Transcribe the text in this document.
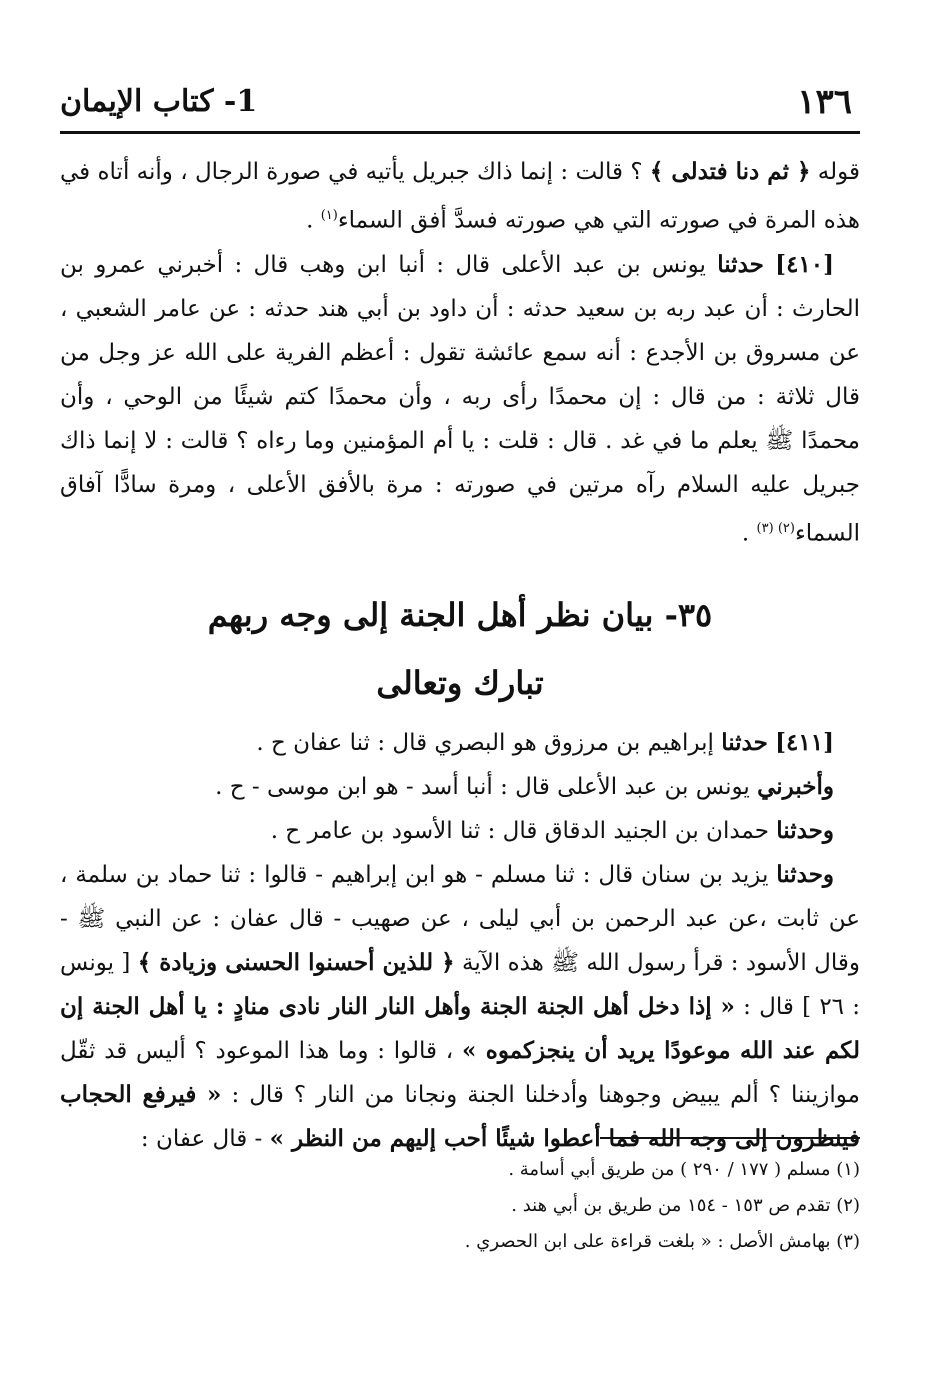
١٣٦
1- كتاب الإيمان

قوله ﴿ ثم دنا فتدلى ﴾ ؟ قالت : إنما ذاك جبريل يأتيه في صورة الرجال ، وأنه أتاه في هذه المرة في صورته التي هي صورته فسدَّ أفق السماء$^{(١)}$ .

[٤١٠] حدثنا يونس بن عبد الأعلى قال : أنبا ابن وهب قال : أخبرني عمرو بن الحارث : أن عبد ربه بن سعيد حدثه : أن داود بن أبي هند حدثه : عن عامر الشعبي ، عن مسروق بن الأجدع : أنه سمع عائشة تقول : أعظم الفرية على الله عز وجل من قال ثلاثة : من قال : إن محمدًا رأى ربه ، وأن محمدًا كتم شيئًا من الوحي ، وأن محمدًا ﷺ يعلم ما في غد . قال : قلت : يا أم المؤمنين وما رءاه ؟ قالت : لا إنما ذاك جبريل عليه السلام رآه مرتين في صورته : مرة بالأفق الأعلى ، ومرة سادًّا آفاق السماء$^{(٢) (٣)}$ .

٣٥- بيان نظر أهل الجنة إلى وجه ربهم

تبارك وتعالى

[٤١١] حدثنا إبراهيم بن مرزوق هو البصري قال : ثنا عفان ح .

وأخبرني يونس بن عبد الأعلى قال : أنبا أسد - هو ابن موسى - ح .

وحدثنا حمدان بن الجنيد الدقاق قال : ثنا الأسود بن عامر ح .

وحدثنا يزيد بن سنان قال : ثنا مسلم - هو ابن إبراهيم - قالوا : ثنا حماد بن سلمة ، عن ثابت ،عن عبد الرحمن بن أبي ليلى ، عن صهيب - قال عفان : عن النبي ﷺ - وقال الأسود : قرأ رسول الله ﷺ هذه الآية ﴿ للذين أحسنوا الحسنى وزيادة ﴾ [ يونس : ٢٦ ] قال : « إذا دخل أهل الجنة الجنة وأهل النار النار نادى منادٍ : يا أهل الجنة إن لكم عند الله موعودًا يريد أن ينجزكموه » ، قالوا : وما هذا الموعود ؟ أليس قد ثقّل موازيننا ؟ ألم يبيض وجوهنا وأدخلنا الجنة ونجانا من النار ؟ قال : « فيرفع الحجاب فينظرون إلى وجه الله فما أعطوا شيئًا أحب إليهم من النظر » - قال عفان :

(١) مسلم ( ١٧٧ / ٢٩٠ ) من طريق أبي أسامة .

(٢) تقدم ص ١٥٣ - ١٥٤ من طريق بن أبي هند .

(٣) بهامش الأصل : « بلغت قراءة على ابن الحصري .
